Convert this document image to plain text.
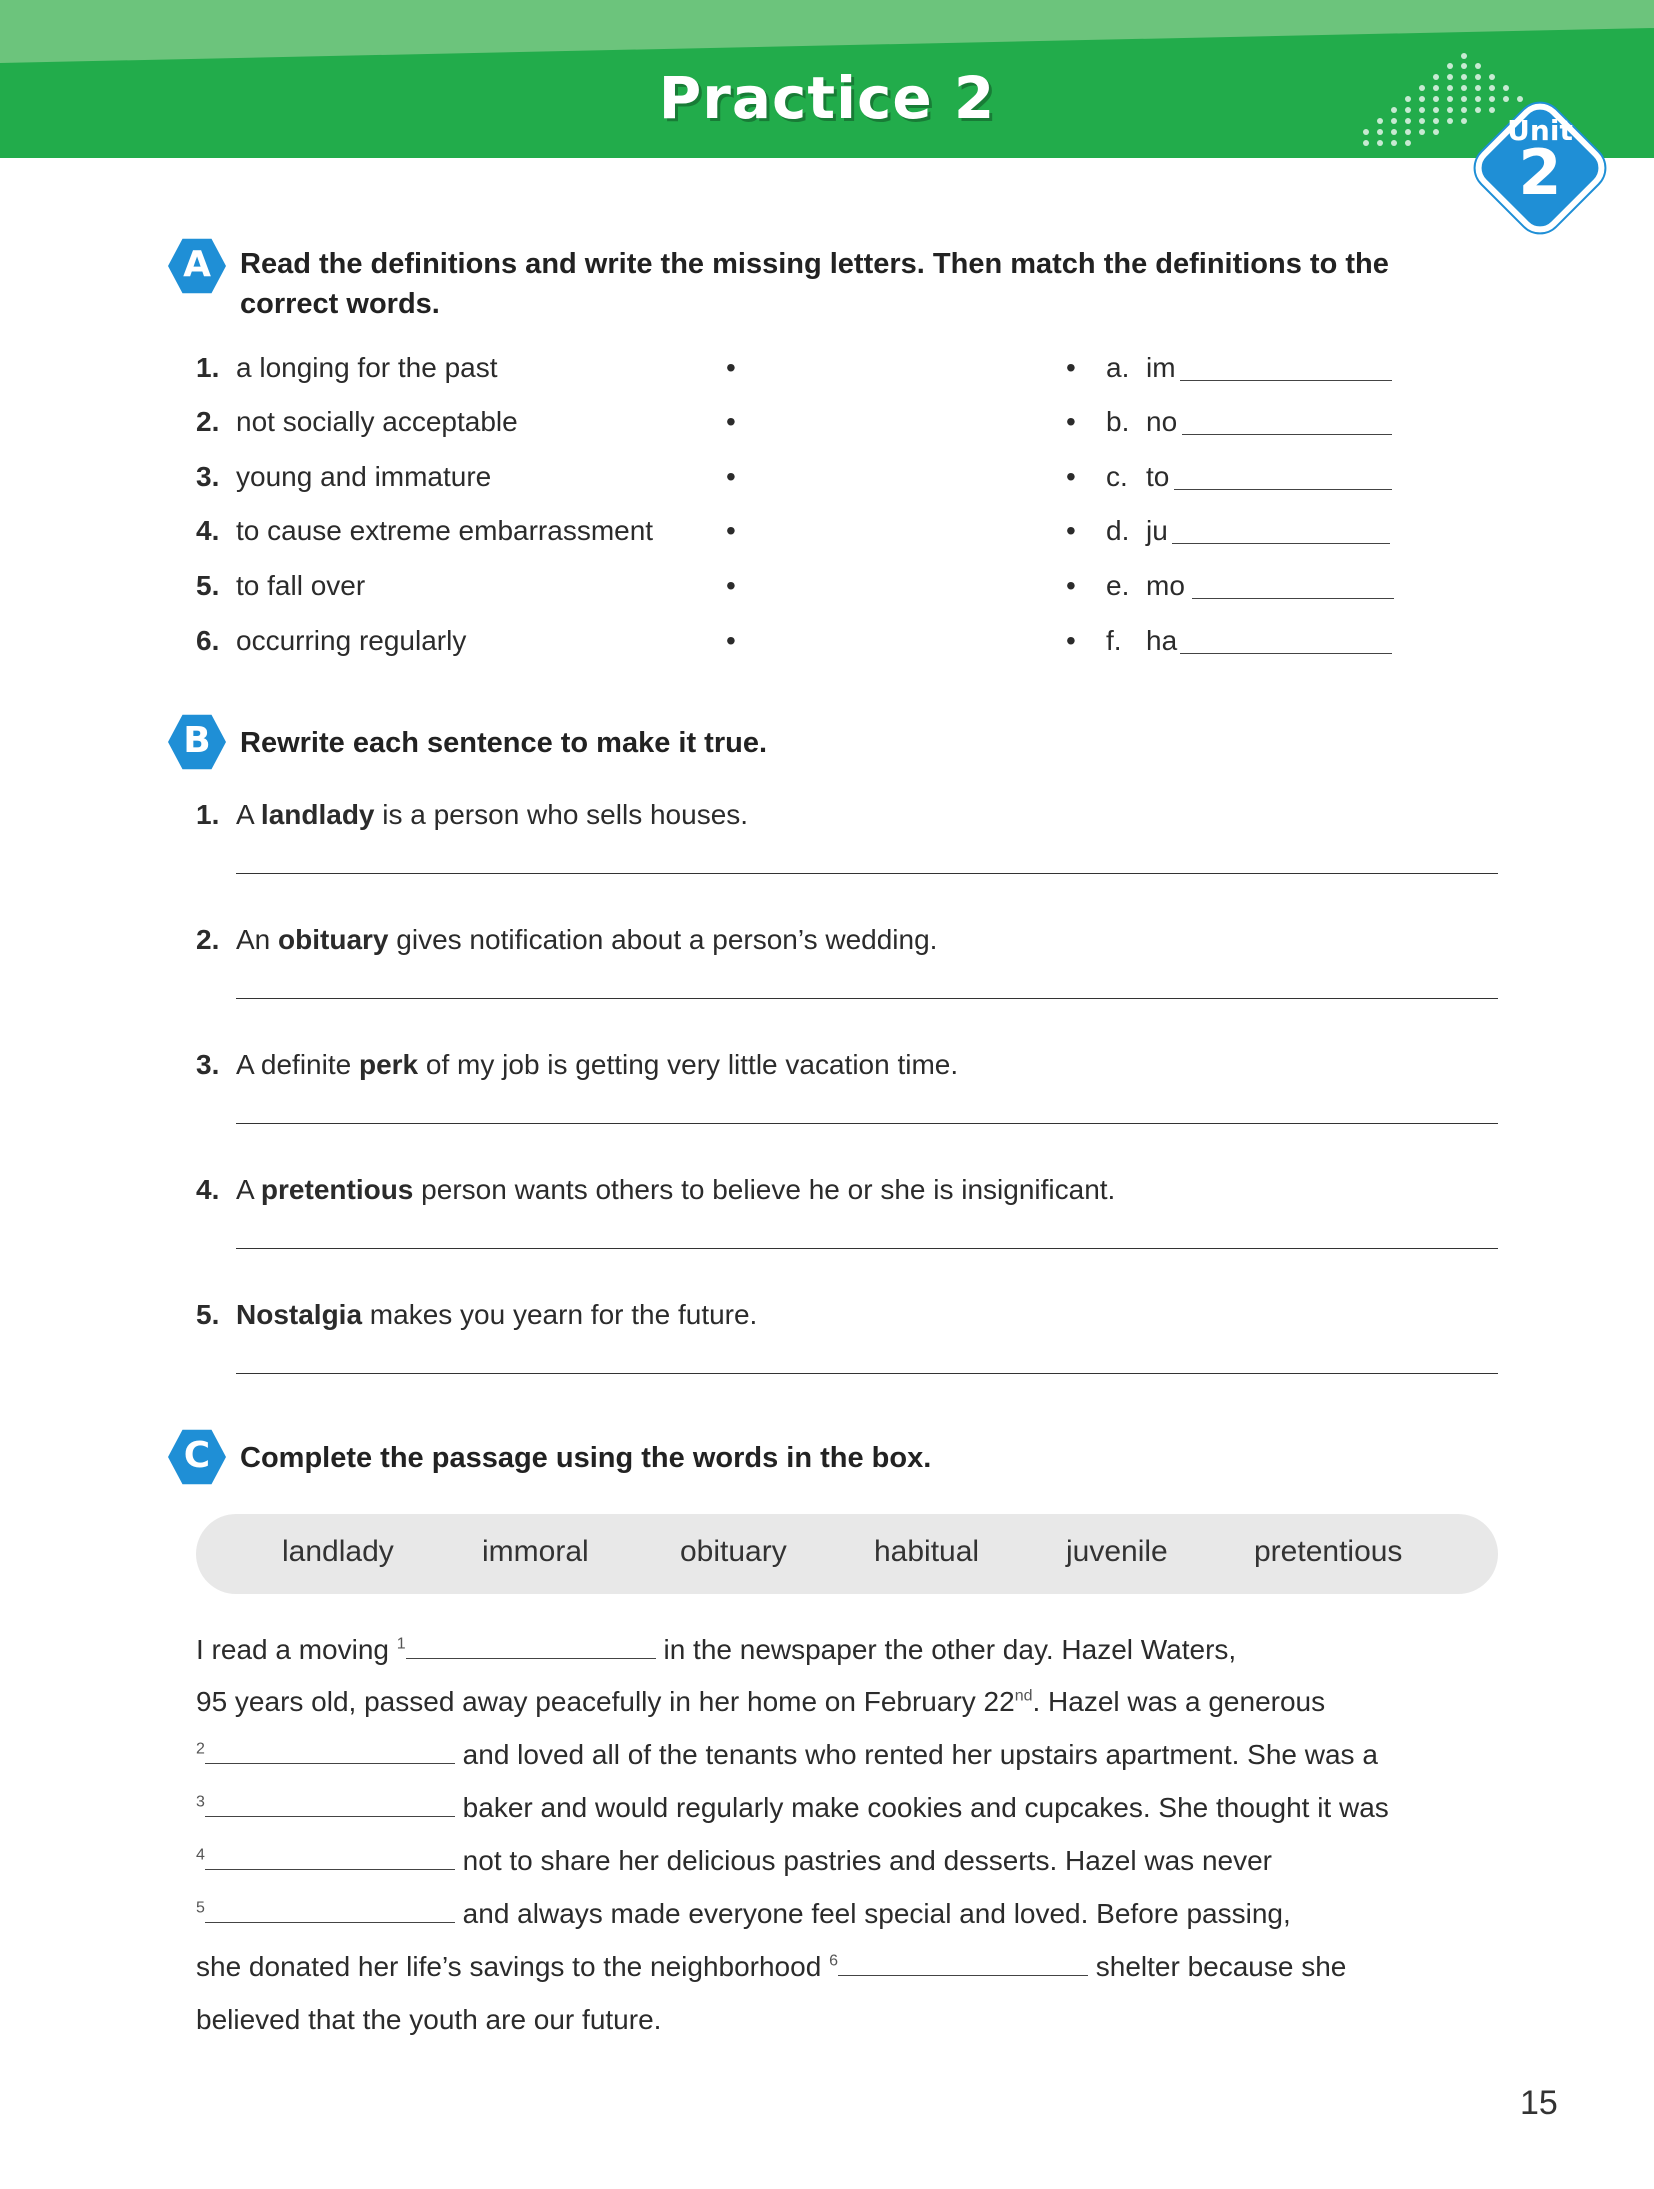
Practice 2	Unit
2
A	Read the definitions and write the missing letters. Then match the definitions to the
correct words.
1. a longing for the past	•	• a. im
2. not socially acceptable	•	• b. no
3. young and immature	•	• c. to
4. to cause extreme embarrassment	•	• d. ju
5. to fall over	•	• e. mo
6. occurring regularly	•	• f. ha
B	Rewrite each sentence to make it true.
1. A landlady is a person who sells houses.
2. An obituary gives notification about a person’s wedding.
3. A definite perk of my job is getting very little vacation time.
4. A pretentious person wants others to believe he or she is insignificant.
5. Nostalgia makes you yearn for the future.
C	Complete the passage using the words in the box.
landlady	immoral	obituary	habitual	juvenile	pretentious
I read a moving $^1$	in the newspaper the other day. Hazel Waters,
95 years old, passed away peacefully in her home on February 22nd. Hazel was a generous
$^2$	and loved all of the tenants who rented her upstairs apartment. She was a
$^3$	baker and would regularly make cookies and cupcakes. She thought it was
$^4$	not to share her delicious pastries and desserts. Hazel was never
$^5$	and always made everyone feel special and loved. Before passing,
she donated her life’s savings to the neighborhood $^6$	shelter because she
believed that the youth are our future.
15
